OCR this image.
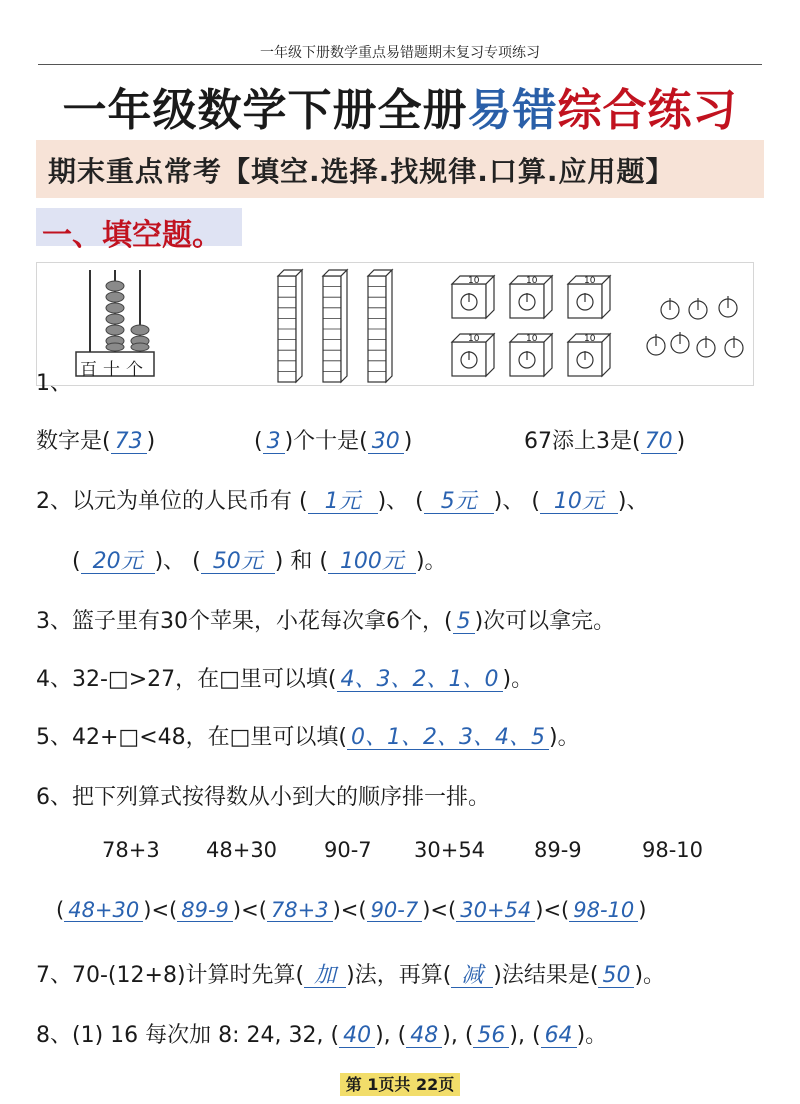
一年级下册数学重点易错题期末复习专项练习
一年级数学下册全册易错综合练习
期末重点常考【填空.选择.找规律.口算.应用题】
一、填空题。
百十个
10	10	10
10	10	10
1、
数字是( 73 )	( 3 )个十是( 30 )	67添上3是( 70 )
2、以元为单位的人民币有 ( 1元 )、 ( 5元 )、 ( 10元 )、
( 20元 )、 ( 50元 ) 和 ( 100元 )。
3、篮子里有30个苹果，小花每次拿6个，( 5 )次可以拿完。
4、32-□>27，在□里可以填( 4、3、2、1、0 )。
5、42+□<48，在□里可以填( 0、1、2、3、4、5 )。
6、把下列算式按得数从小到大的顺序排一排。
78+3 48+30 90-7 30+54 89-9	98-10
( 48+30 )<( 89-9 )<( 78+3 )<( 90-7 )<( 30+54 )<( 98-10 )
7、70-(12+8)计算时先算( 加 )法，再算( 减 )法结果是( 50 )。
8、(1) 16 每次加 8: 24, 32, ( 40 ), ( 48 ), ( 56 ), ( 64 )。
第 1页共 22页
